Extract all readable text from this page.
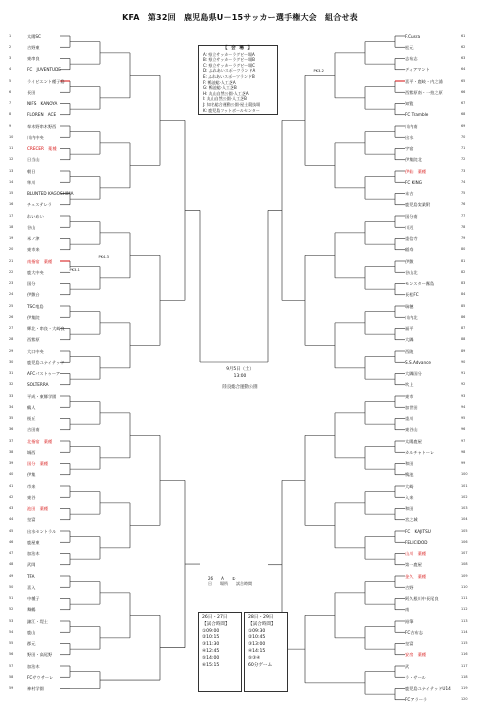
KFA　第32回　鹿児島県U－15サッカー選手権大会　組合せ表
1	太陽SC
2	吉野東
3	東串良
4	FC　JUVENTUDE
5	ライビエント種子島
6	長田
7	NIFS　KANOYA
8	FLOREN　ACE
9	奉木野串木野西
10	川内中央
11	CRECER　薬種
12	日当山
13	朝日
14	隼川
15	BLUNTED KAGOSHIMA
16	チェステレラ
17	れいめい
18	谷山
19	米ノ津
20	東市来
21	南指宿　薬種
22	鹿大中央
23	国分
24	伊敷台
25	TSC竜島
26	伊集院
27	輝北・串良・大崎良
28	西紫原
29	大口中央
30	鹿児島ユナイテッド
31	AFCパストゥーア
32	SOLTERRA
33	平成・東郷学園
34	鶴人
35	桜丘
36	吉田南
37	北指宿　薬種
38	城西
39	国分　薬種
40	伊集
41	市来
42	東谷
43	池田　薬種
44	皇富
45	出水セントラル
46	鹿屋東
47	加治木
48	武岡
49	TFA
50	喜入
51	中種子
52	舞鶴
53	錦江・堤土
54	鹿山
55	郡元
56	野田・高尾野
57	加治木
58	FCサウサーレ
59	神村学園
61
F.Cusra
62
松元
63
志布志
64
ディアマント
65
喜平・鹿岐・内之浦
66
西紫原南・一拍之原
67
知覧
68
FC Tramble
69
川内南
70
出水
71
宇宿
72
伊集院北
73
伊仙　薬種
74
FC KING
75
末吉
76
鹿児島実業附
77
国分南
78
川辺
79
重信寺
80
稲寿
81
伊敷
82
谷山北
83
モンスター霧島
84
長松FC
85
瑞穂
86
川内北
87
福平
88
大隅
89
西陵
90
S.S.Advance
91
大隅国分
92
吹上
93
東市
94
加世田
95
重川
96
東谷山
97
太陽鹿屋
98
カルチャトーレ
99
和田
100
鴨池
101
大崎
102
入来
103
和田
104
宮之城
105
FC　KAJITSU
106
FELICIDOD
107
山川　薬種
108
第一鹿屋
109
金久　薬種
110
吉野
111
阿久根川中長尾良
112
南
113
鉛筆
114
FC吉布志
115
皇富
116
安房　薬種
117
武
118
ラ・サール
119
鹿児島ユナイテッドU14
120
FCアラーラ
【 会 場 】
A: 県立サッカーラグビー場A
B: 県立サッカーラグビー場B
C: 県立サッカーラグビー場C
D: ふれあいスポーツランドA
E: ふれあいスポーツランドB
F: 鴨池総·人工芝A
G: 鴨池総·人工芝B
H: 丸山自然公園·人工芝A
I: 丸山自然公園·人工芝B
J: 知名総合運動公園·屋土競技場
K: 鹿児島フットボールセンター
9月5日（土）
13:00
陸良総合運動公園
26　　A　　①
日　　場所　　試合時間
26日・27日
【試合時間】
①09:00
②10:15
③11:30
④12:45
⑤14:00
⑥15:15
28日・29日
【試合時間】
①09:30
②10:45
③13:00
④14:15
⑤③④
60分ゲーム
PK3-2
PK4-3
PK3-1
